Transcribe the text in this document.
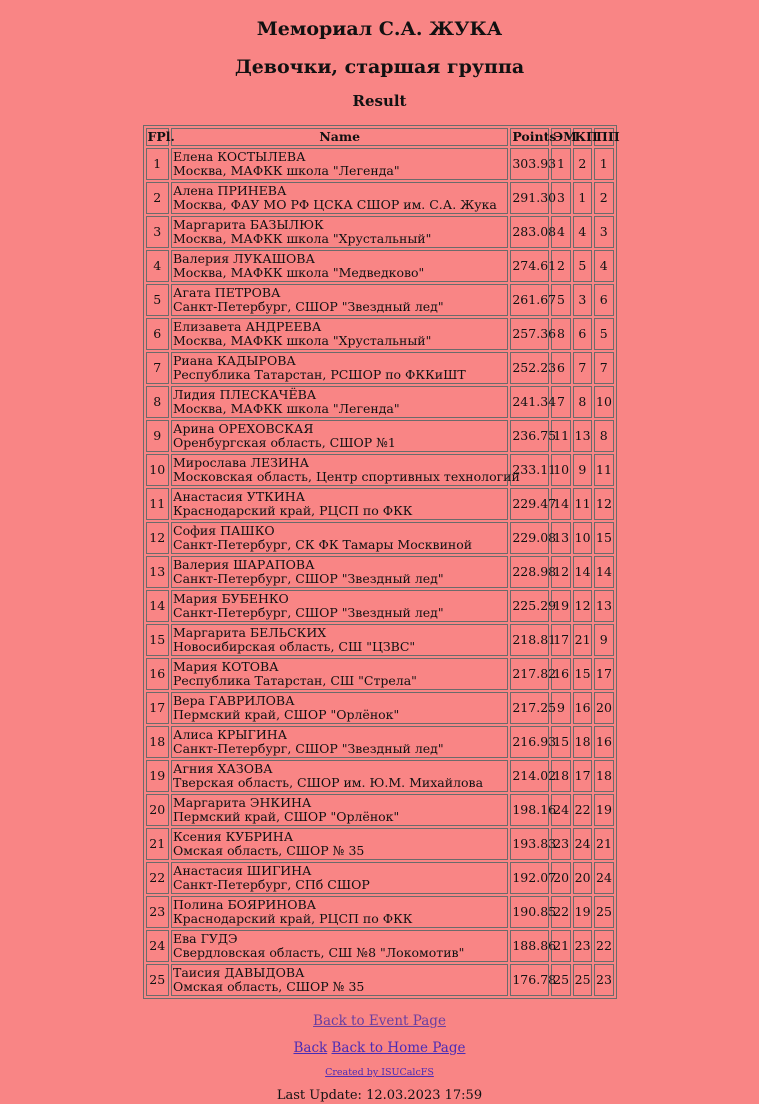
Мемориал С.А. ЖУКА
Девочки, старшая группа
Result
FPl.	Name	Points	ЭМ	КП	ПП
1	Елена КОСТЫЛЕВА
Москва, МАФКК школа "Легенда"	303.93	1	2	1
2	Алена ПРИНЕВА
Москва, ФАУ МО РФ ЦСКА СШОР им. С.А. Жука	291.30	3	1	2
3	Маргарита БАЗЫЛЮК
Москва, МАФКК школа "Хрустальный"	283.08	4	4	3
4	Валерия ЛУКАШОВА
Москва, МАФКК школа "Медведково"	274.61	2	5	4
5	Агата ПЕТРОВА
Санкт-Петербург, СШОР "Звездный лед"	261.67	5	3	6
6	Елизавета АНДРЕЕВА
Москва, МАФКК школа "Хрустальный"	257.36	8	6	5
7	Риана КАДЫРОВА
Республика Татарстан, РСШОР по ФККиШТ	252.23	6	7	7
8	Лидия ПЛЕСКАЧЁВА
Москва, МАФКК школа "Легенда"	241.34	7	8	10
9	Арина ОРЕХОВСКАЯ
Оренбургская область, СШОР №1	236.75	11	13	8
10	Мирослава ЛЕЗИНА
Московская область, Центр спортивных технологий	233.11	10	9	11
11	Анастасия УТКИНА
Краснодарский край, РЦСП по ФКК	229.47	14	11	12
12	София ПАШКО
Санкт-Петербург, СК ФК Тамары Москвиной	229.08	13	10	15
13	Валерия ШАРАПОВА
Санкт-Петербург, СШОР "Звездный лед"	228.98	12	14	14
14	Мария БУБЕНКО
Санкт-Петербург, СШОР "Звездный лед"	225.29	19	12	13
15	Маргарита БЕЛЬСКИХ
Новосибирская область, СШ "ЦЗВС"	218.81	17	21	9
16	Мария КОТОВА
Республика Татарстан, СШ "Стрела"	217.82	16	15	17
17	Вера ГАВРИЛОВА
Пермский край, СШОР "Орлёнок"	217.25	9	16	20
18	Алиса КРЫГИНА
Санкт-Петербург, СШОР "Звездный лед"	216.93	15	18	16
19	Агния ХАЗОВА
Тверская область, СШОР им. Ю.М. Михайлова	214.02	18	17	18
20	Маргарита ЭНКИНА
Пермский край, СШОР "Орлёнок"	198.16	24	22	19
21	Ксения КУБРИНА
Омская область, СШОР № 35	193.83	23	24	21
22	Анастасия ШИГИНА
Санкт-Петербург, СПб СШОР	192.07	20	20	24
23	Полина БОЯРИНОВА
Краснодарский край, РЦСП по ФКК	190.85	22	19	25
24	Ева ГУДЭ
Свердловская область, СШ №8 "Локомотив"	188.86	21	23	22
25	Таисия ДАВЫДОВА
Омская область, СШОР № 35	176.78	25	25	23
Back to Event Page
Back Back to Home Page
Created by ISUCalcFS
Last Update: 12.03.2023 17:59
